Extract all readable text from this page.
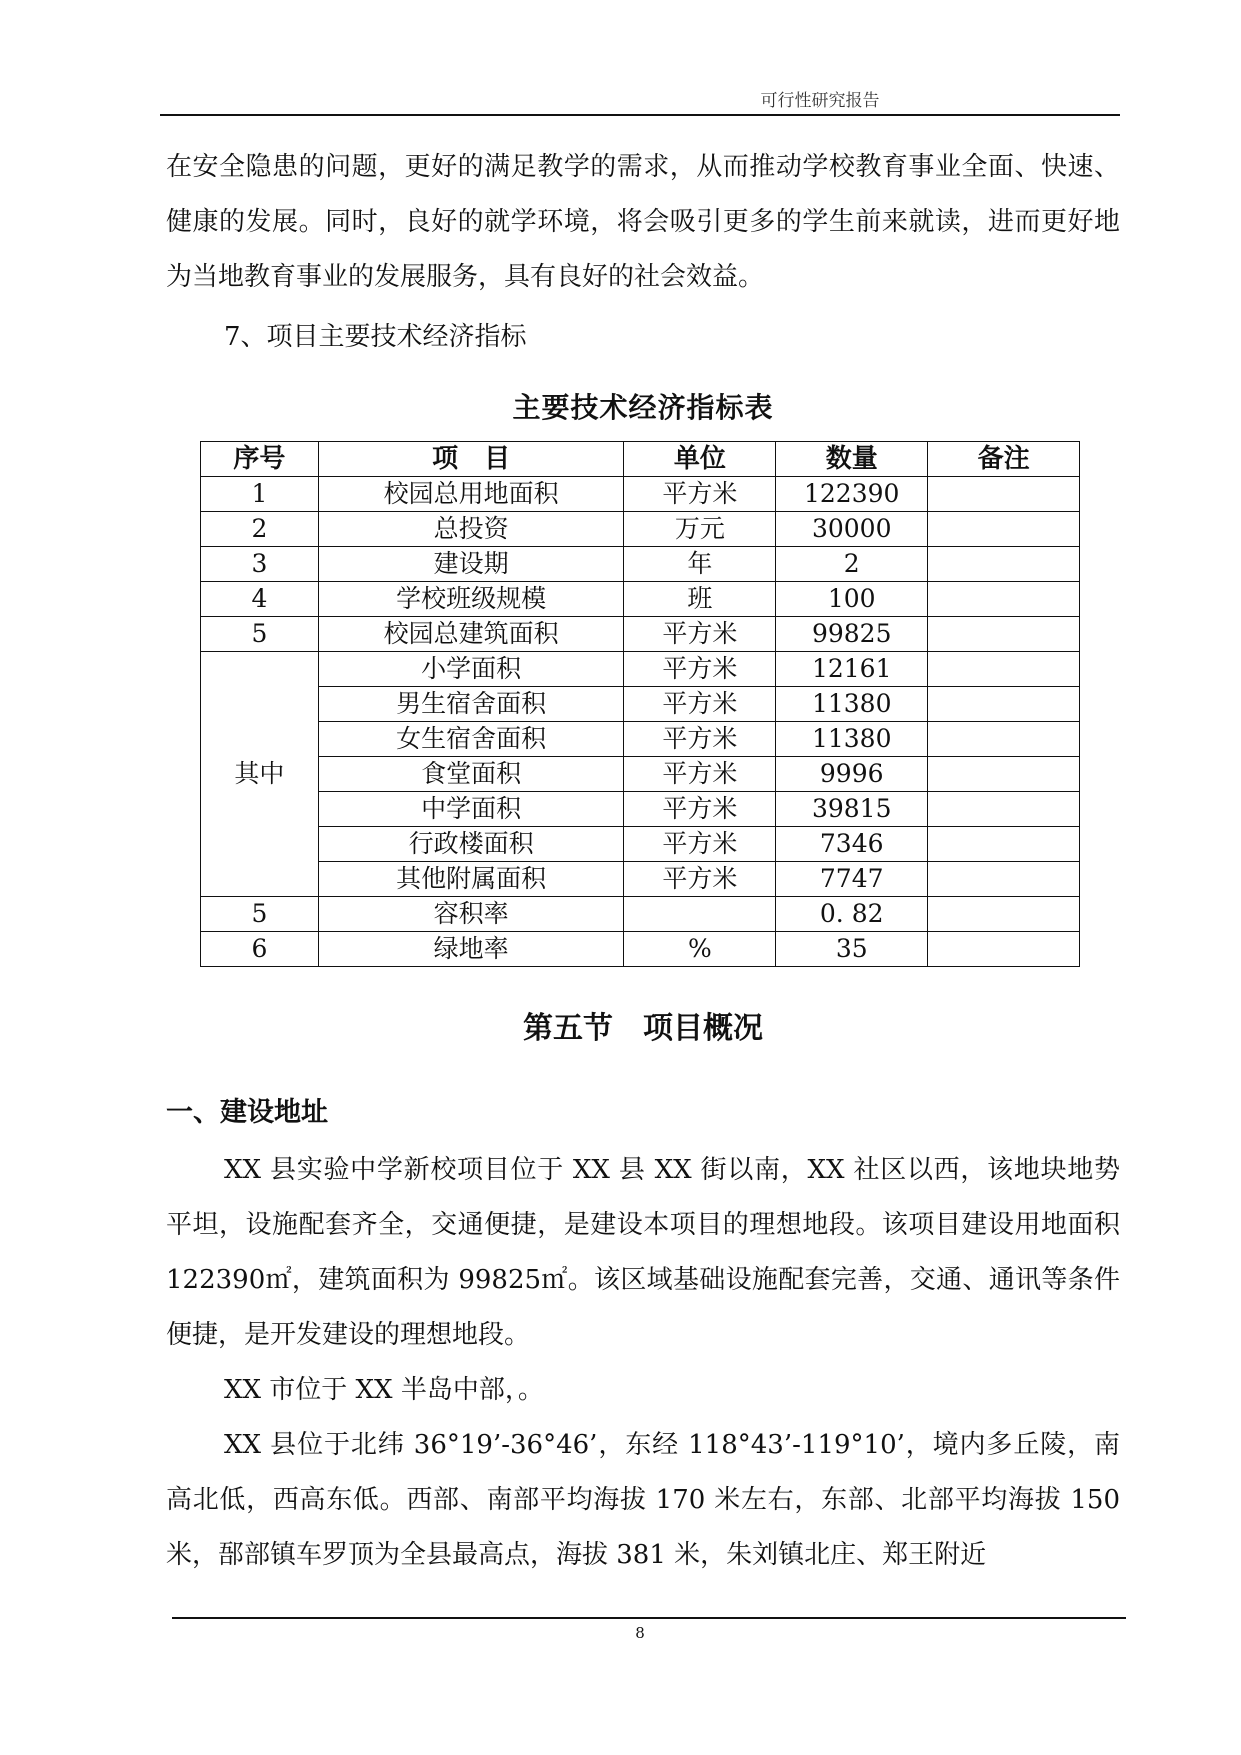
可行性研究报告

在安全隐患的问题，更好的满足教学的需求，从而推动学校教育事业全面、快速、健康的发展。同时，良好的就学环境，将会吸引更多的学生前来就读，进而更好地为当地教育事业的发展服务，具有良好的社会效益。

7、项目主要技术经济指标

主要技术经济指标表
序号	项　目	单位	数量	备注
1	校园总用地面积	平方米	122390	
2	总投资	万元	30000	
3	建设期	年	2	
4	学校班级规模	班	100	
5	校园总建筑面积	平方米	99825	
其中	小学面积	平方米	12161	
	男生宿舍面积	平方米	11380	
	女生宿舍面积	平方米	11380	
	食堂面积	平方米	9996	
	中学面积	平方米	39815	
	行政楼面积	平方米	7346	
	其他附属面积	平方米	7747	
5	容积率		0. 82	
6	绿地率	%	35	
第五节　项目概况
一、建设地址

XX 县实验中学新校项目位于 XX 县 XX 街以南，XX 社区以西，该地块地势平坦，设施配套齐全，交通便捷，是建设本项目的理想地段。该项目建设用地面积 122390㎡，建筑面积为 99825㎡。该区域基础设施配套完善，交通、通讯等条件便捷，是开发建设的理想地段。

XX 市位于 XX 半岛中部，。

XX 县位于北纬 36°19’-36°46’，东经 118°43’-119°10’，境内多丘陵，南高北低，西高东低。西部、南部平均海拔 170 米左右，东部、北部平均海拔 150 米，郚部镇车罗顶为全县最高点，海拔 381 米，朱刘镇北庄、郑王附近

8
